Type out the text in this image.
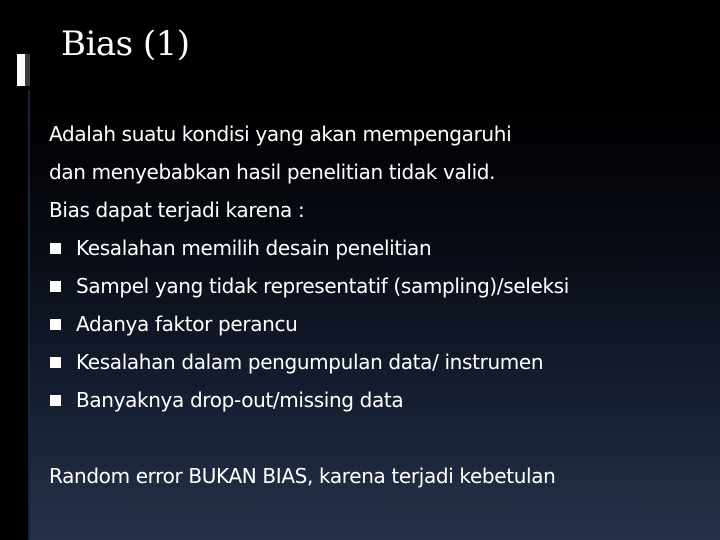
Bias (1)

Adalah suatu kondisi yang akan mempengaruhi

dan menyebabkan hasil penelitian tidak valid.

Bias dapat terjadi karena :

Kesalahan memilih desain penelitian
Sampel yang tidak representatif (sampling)/seleksi
Adanya faktor perancu
Kesalahan dalam pengumpulan data/ instrumen
Banyaknya drop-out/missing data

Random error BUKAN BIAS, karena terjadi kebetulan
